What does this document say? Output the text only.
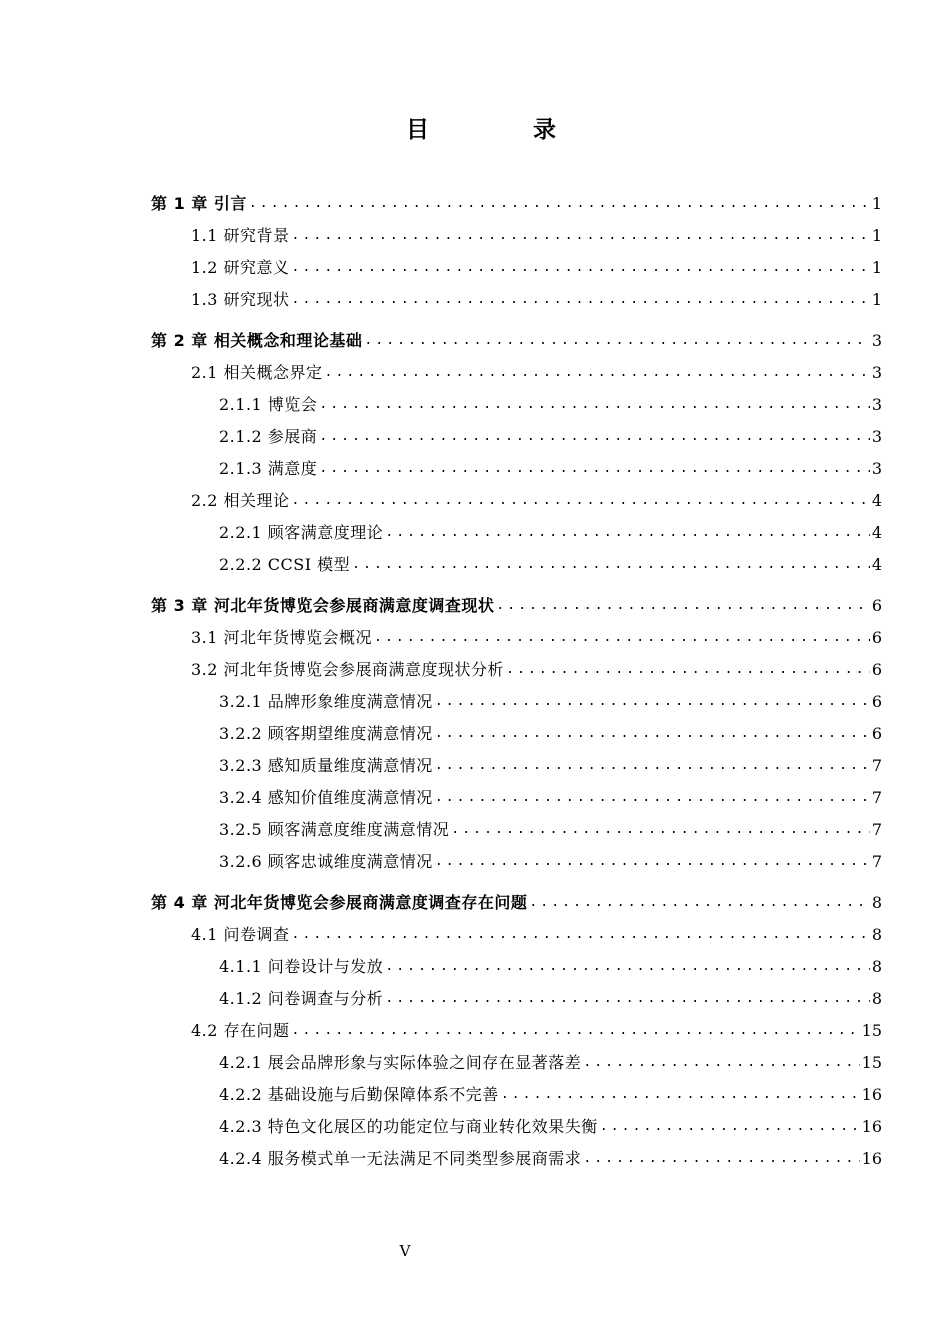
目 录
第 1 章 引言 .....	1
1.1 研究背景 .....	1
1.2 研究意义 .....	1
1.3 研究现状 .....	1
第 2 章 相关概念和理论基础 .....	3
2.1 相关概念界定 .....	3
2.1.1 博览会 .....	3
2.1.2 参展商 .....	3
2.1.3 满意度 .....	3
2.2 相关理论 .....	4
2.2.1 顾客满意度理论 .....	4
2.2.2 CCSI 模型 .....	4
第 3 章 河北年货博览会参展商满意度调查现状 .....	6
3.1 河北年货博览会概况 .....	6
3.2 河北年货博览会参展商满意度现状分析 .....	6
3.2.1 品牌形象维度满意情况 .....	6
3.2.2 顾客期望维度满意情况 .....	6
3.2.3 感知质量维度满意情况 .....	7
3.2.4 感知价值维度满意情况 .....	7
3.2.5 顾客满意度维度满意情况 .....	7
3.2.6 顾客忠诚维度满意情况 .....	7
第 4 章 河北年货博览会参展商满意度调查存在问题 .....	8
4.1 问卷调查 .....	8
4.1.1 问卷设计与发放 .....	8
4.1.2 问卷调查与分析 .....	8
4.2 存在问题 .....	15
4.2.1 展会品牌形象与实际体验之间存在显著落差 .....	15
4.2.2 基础设施与后勤保障体系不完善 .....	16
4.2.3 特色文化展区的功能定位与商业转化效果失衡 .....	16
4.2.4 服务模式单一无法满足不同类型参展商需求 .....	16
V
